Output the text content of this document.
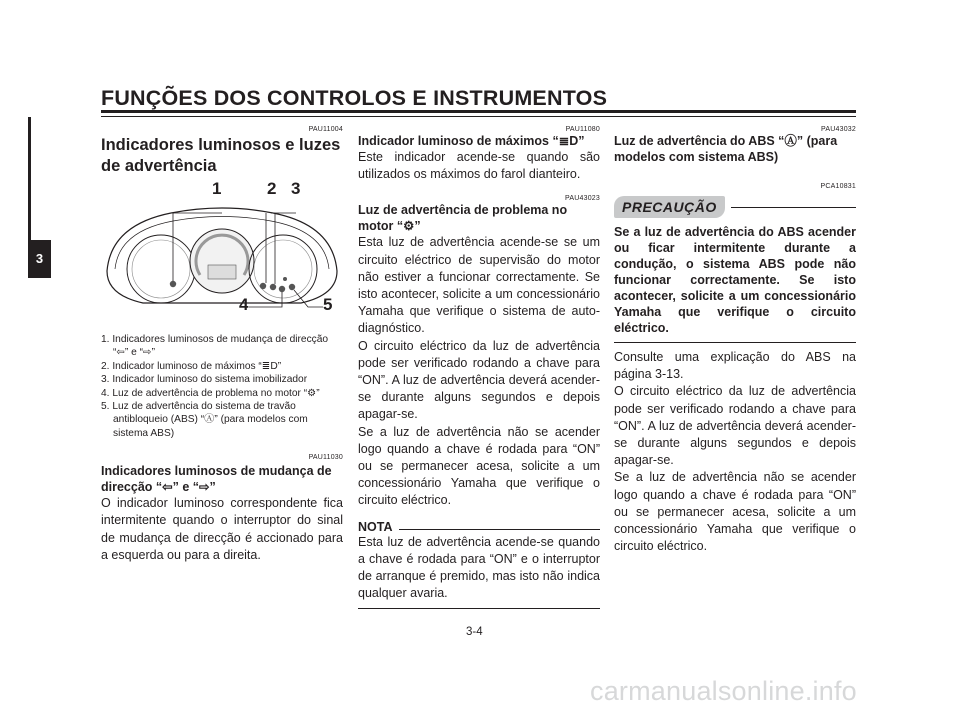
FUNÇÕES DOS CONTROLOS E INSTRUMENTOS
3
PAU11004
Indicadores luminosos e luzes de advertência
1	2 3
4	5
1. Indicadores luminosos de mudança de direcção “⇦” e “⇨”
2. Indicador luminoso de máximos “≣D”
3. Indicador luminoso do sistema imobilizador
4. Luz de advertência de problema no motor “⚙”
5. Luz de advertência do sistema de travão antibloqueio (ABS) “Ⓐ” (para modelos com sistema ABS)
PAU11030
Indicadores luminosos de mudança de direcção “⇦” e “⇨”
O indicador luminoso correspondente fica intermitente quando o interruptor do sinal de mudança de direcção é accionado para a esquerda ou para a direita.
PAU11080
Indicador luminoso de máximos “≣D”
Este indicador acende-se quando são utilizados os máximos do farol dianteiro.
PAU43023
Luz de advertência de problema no motor “⚙”
Esta luz de advertência acende-se se um circuito eléctrico de supervisão do motor não estiver a funcionar correctamente. Se isto acontecer, solicite a um concessionário Yamaha que verifique o sistema de auto-diagnóstico.
O circuito eléctrico da luz de advertência pode ser verificado rodando a chave para “ON”. A luz de advertência deverá acender-se durante alguns segundos e depois apagar-se.
Se a luz de advertência não se acender logo quando a chave é rodada para “ON” ou se permanecer acesa, solicite a um concessionário Yamaha que verifique o circuito eléctrico.
NOTA
Esta luz de advertência acende-se quando a chave é rodada para “ON” e o interruptor de arranque é premido, mas isto não indica qualquer avaria.
PAU43032
Luz de advertência do ABS “Ⓐ” (para modelos com sistema ABS)
PCA10831
PRECAUÇÃO
Se a luz de advertência do ABS acender ou ficar intermitente durante a condução, o sistema ABS pode não funcionar correctamente. Se isto acontecer, solicite a um concessionário Yamaha que verifique o circuito eléctrico.
Consulte uma explicação do ABS na página 3-13.
O circuito eléctrico da luz de advertência pode ser verificado rodando a chave para “ON”. A luz de advertência deverá acender-se durante alguns segundos e depois apagar-se.
Se a luz de advertência não se acender logo quando a chave é rodada para “ON” ou se permanecer acesa, solicite a um concessionário Yamaha que verifique o circuito eléctrico.
3-4
carmanualsonline.info
